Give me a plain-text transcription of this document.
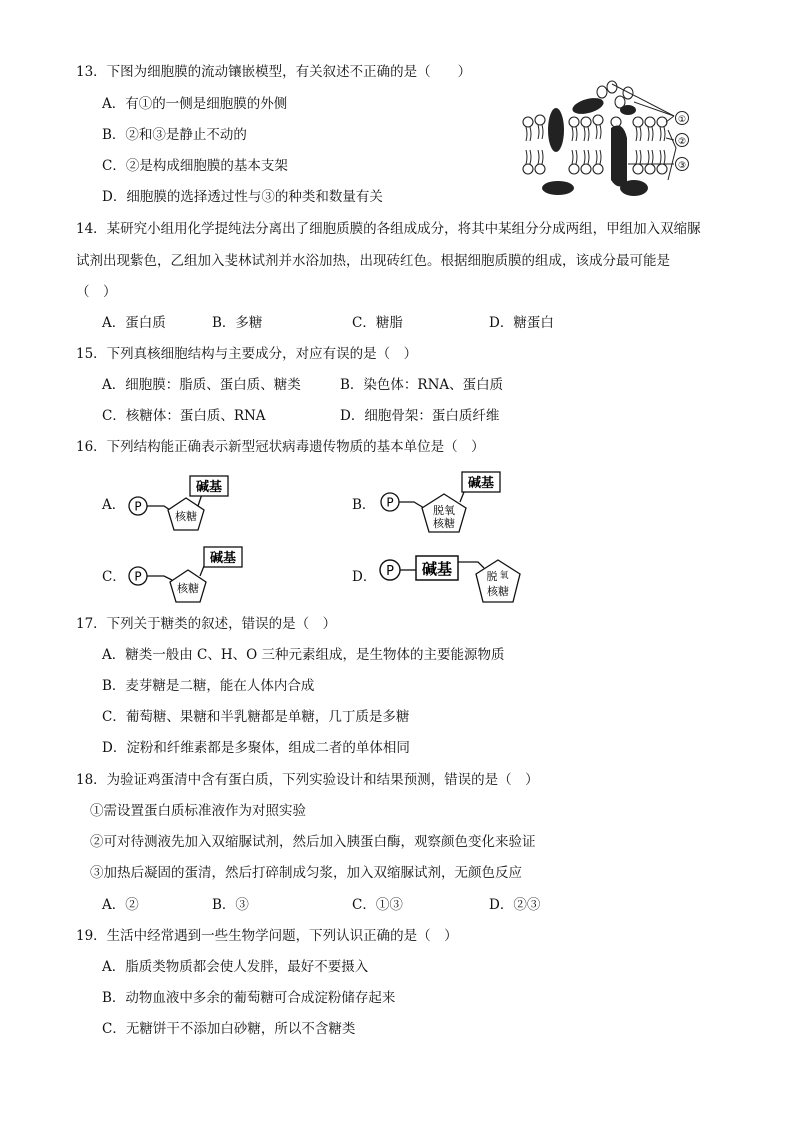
13．下图为细胞膜的流动镶嵌模型，有关叙述不正确的是（　　）
A．有①的一侧是细胞膜的外侧
B．②和③是静止不动的
C．②是构成细胞膜的基本支架
D．细胞膜的选择透过性与③的种类和数量有关
①
②
③
14．某研究小组用化学提纯法分离出了细胞质膜的各组成成分，将其中某组分分成两组，甲组加入双缩脲
试剂出现紫色，乙组加入斐林试剂并水浴加热，出现砖红色。根据细胞质膜的组成，该成分最可能是
（　）
A．蛋白质	B．多糖	C．糖脂	D．糖蛋白
15．下列真核细胞结构与主要成分，对应有误的是（　）
A．细胞膜：脂质、蛋白质、糖类	B．染色体：RNA、蛋白质
C．核糖体：蛋白质、RNA	D．细胞骨架：蛋白质纤维
16．下列结构能正确表示新型冠状病毒遗传物质的基本单位是（　）
A． P
核糖
碱基
B． P
脱氧
核糖
碱基
C． P
核糖
碱基
D． P 碱基	脱 氧
核糖
17．下列关于糖类的叙述，错误的是（　）
A．糖类一般由 C、H、O 三种元素组成，是生物体的主要能源物质
B．麦芽糖是二糖，能在人体内合成
C．葡萄糖、果糖和半乳糖都是单糖，几丁质是多糖
D．淀粉和纤维素都是多聚体，组成二者的单体相同
18．为验证鸡蛋清中含有蛋白质，下列实验设计和结果预测，错误的是（　）
①需设置蛋白质标准液作为对照实验
②可对待测液先加入双缩脲试剂，然后加入胰蛋白酶，观察颜色变化来验证
③加热后凝固的蛋清，然后打碎制成匀浆，加入双缩脲试剂，无颜色反应
A．②	B．③	C．①③	D．②③
19．生活中经常遇到一些生物学问题，下列认识正确的是（　）
A．脂质类物质都会使人发胖，最好不要摄入
B．动物血液中多余的葡萄糖可合成淀粉储存起来
C．无糖饼干不添加白砂糖，所以不含糖类
